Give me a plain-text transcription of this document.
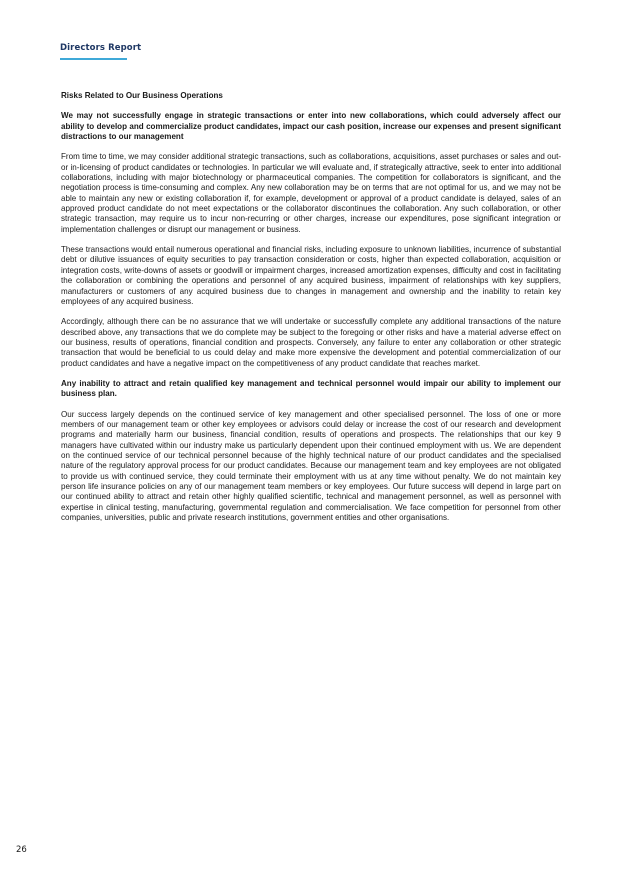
Directors Report

Risks Related to Our Business Operations

We may not successfully engage in strategic transactions or enter into new collaborations, which could adversely affect our ability to develop and commercialize product candidates, impact our cash position, increase our expenses and present significant distractions to our management

From time to time, we may consider additional strategic transactions, such as collaborations, acquisitions, asset purchases or sales and out- or in-licensing of product candidates or technologies. In particular we will evaluate and, if strategically attractive, seek to enter into additional collaborations, including with major biotechnology or pharmaceutical companies. The competition for collaborators is significant, and the negotiation process is time-consuming and complex. Any new collaboration may be on terms that are not optimal for us, and we may not be able to maintain any new or existing collaboration if, for example, development or approval of a product candidate is delayed, sales of an approved product candidate do not meet expectations or the collaborator discontinues the collaboration. Any such collaboration, or other strategic transaction, may require us to incur non-recurring or other charges, increase our expenditures, pose significant integration or implementation challenges or disrupt our management or business.

These transactions would entail numerous operational and financial risks, including exposure to unknown liabilities, incurrence of substantial debt or dilutive issuances of equity securities to pay transaction consideration or costs, higher than expected collaboration, acquisition or integration costs, write-downs of assets or goodwill or impairment charges, increased amortization expenses, difficulty and cost in facilitating the collaboration or combining the operations and personnel of any acquired business, impairment of relationships with key suppliers, manufacturers or customers of any acquired business due to changes in management and ownership and the inability to retain key employees of any acquired business.

Accordingly, although there can be no assurance that we will undertake or successfully complete any additional transactions of the nature described above, any transactions that we do complete may be subject to the foregoing or other risks and have a material adverse effect on our business, results of operations, financial condition and prospects. Conversely, any failure to enter any collaboration or other strategic transaction that would be beneficial to us could delay and make more expensive the development and potential commercialization of our product candidates and have a negative impact on the competitiveness of any product candidate that reaches market.

Any inability to attract and retain qualified key management and technical personnel would impair our ability to implement our business plan.

Our success largely depends on the continued service of key management and other specialised personnel. The loss of one or more members of our management team or other key employees or advisors could delay or increase the cost of our research and development programs and materially harm our business, financial condition, results of operations and prospects. The relationships that our key 9 managers have cultivated within our industry make us particularly dependent upon their continued employment with us. We are dependent on the continued service of our technical personnel because of the highly technical nature of our product candidates and the specialised nature of the regulatory approval process for our product candidates. Because our management team and key employees are not obligated to provide us with continued service, they could terminate their employment with us at any time without penalty. We do not maintain key person life insurance policies on any of our management team members or key employees. Our future success will depend in large part on our continued ability to attract and retain other highly qualified scientific, technical and management personnel, as well as personnel with expertise in clinical testing, manufacturing, governmental regulation and commercialisation. We face competition for personnel from other companies, universities, public and private research institutions, government entities and other organisations.

26
